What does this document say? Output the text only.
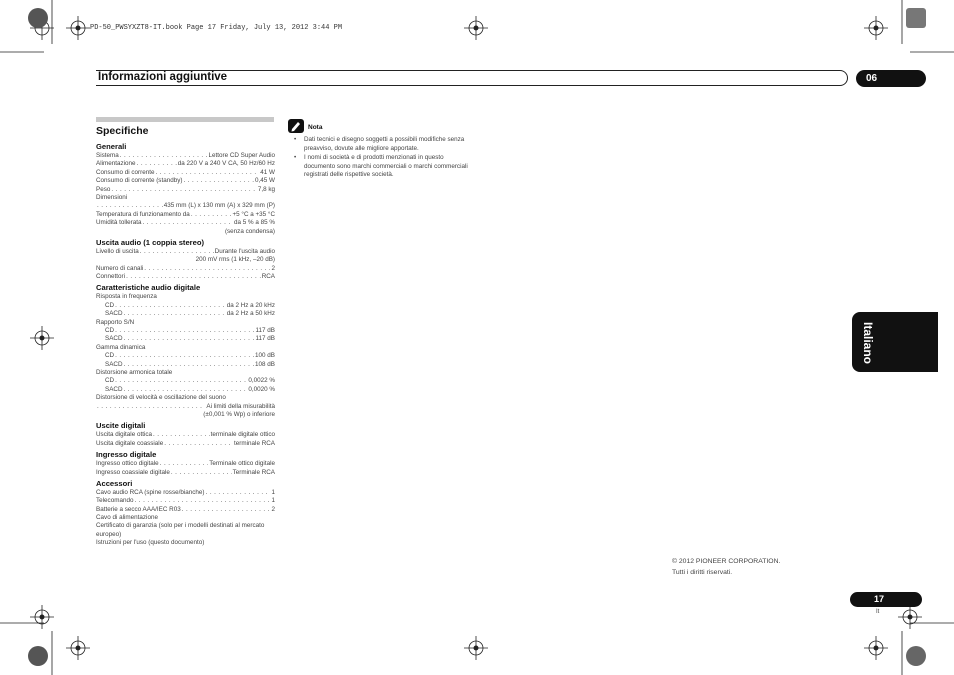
PD-50_PWSYXZT8-IT.book Page 17 Friday, July 13, 2012 3:44 PM
Informazioni aggiuntive	06
Specifiche
Generali
Sistema . . .	Lettore CD Super Audio
Alimentazione . . .	da 220 V a 240 V CA, 50 Hz/60 Hz
Consumo di corrente . . .	41 W
Consumo di corrente (standby) . . .	0,45 W
Peso . . .	7,8 kg
Dimensioni
. . .
435 mm (L) x 130 mm (A) x 329 mm (P)
Temperatura di funzionamento da . . .	+5 °C a +35 °C
Umidità tollerata . . .	da 5 % a 85 %
(senza condensa)
Uscita audio (1 coppia stereo)
Livello di uscita . . .	Durante l'uscita audio
200 mV rms (1 kHz, –20 dB)
Numero di canali . . .	2
Connettori . . .	RCA
Caratteristiche audio digitale
Risposta in frequenza
CD . . .	da 2 Hz a 20 kHz
SACD . . .	da 2 Hz a 50 kHz
Rapporto S/N
CD . . .	117 dB
SACD . . .	117 dB
Gamma dinamica
CD . . .	100 dB
SACD . . .	108 dB
Distorsione armonica totale
CD . . .	0,0022 %
SACD . . .	0,0020 %
Distorsione di velocità e oscillazione del suono
. . .
Ai limiti della misurabilità
(±0,001 % Wp) o inferiore
Uscite digitali
Uscita digitale ottica . . .	terminale digitale ottico
Uscita digitale coassiale . . .	terminale RCA
Ingresso digitale
Ingresso ottico digitale . . .	Terminale ottico digitale
Ingresso coassiale digitale . . .	Terminale RCA
Accessori
Cavo audio RCA (spine rosse/bianche) . . .	1
Telecomando . . .	1
Batterie a secco AAA/IEC R03 . . .	2
Cavo di alimentazione
Certificato di garanzia (solo per i modelli destinati al mercato europeo)
Istruzioni per l'uso (questo documento)
Nota
• Dati tecnici e disegno soggetti a possibili modifiche senza preavviso, dovute alle migliore apportate.
• I nomi di società e di prodotti menzionati in questo documento sono marchi commerciali o marchi commerciali registrati delle rispettive società.
Italiano
© 2012 PIONEER CORPORATION.
Tutti i diritti riservati.
17
It
